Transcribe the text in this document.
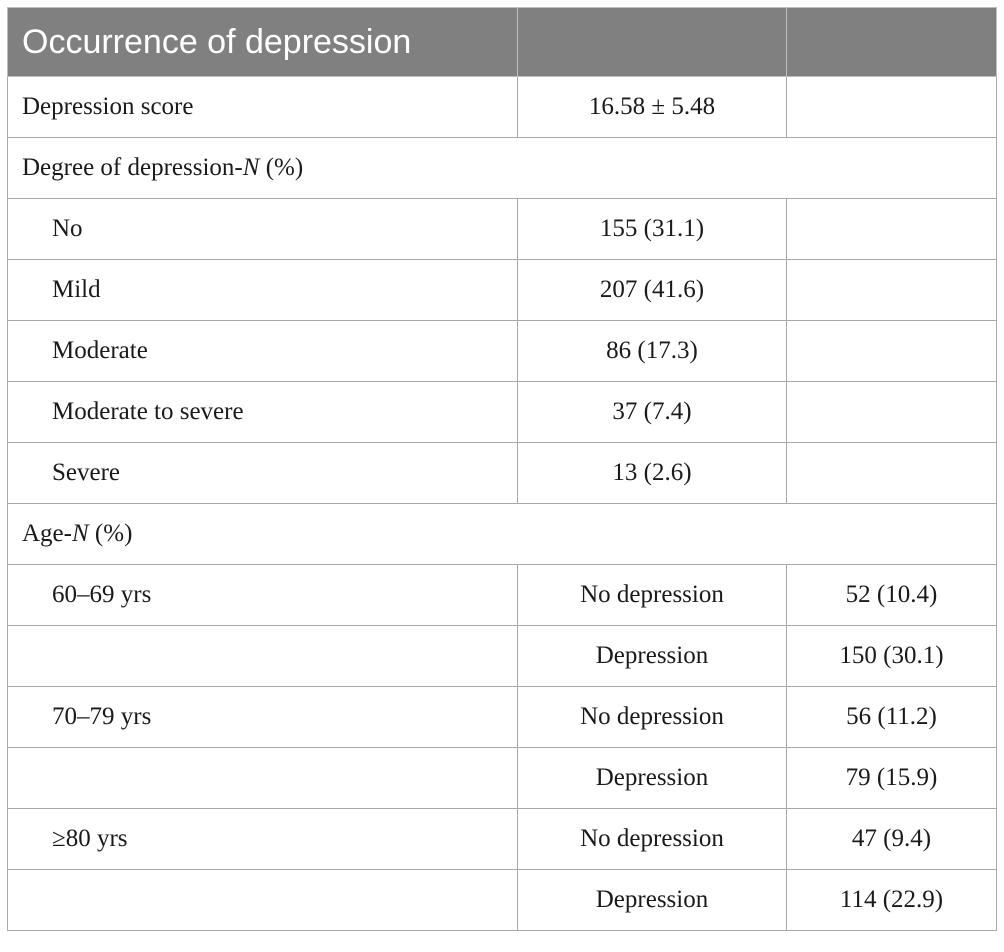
Occurrence of depression		
Depression score	16.58 ± 5.48	
Degree of depression-N (%)		
No	155 (31.1)	
Mild	207 (41.6)	
Moderate	86 (17.3)	
Moderate to severe	37 (7.4)	
Severe	13 (2.6)	
Age-N (%)		
60–69 yrs	No depression	52 (10.4)
	Depression	150 (30.1)
70–79 yrs	No depression	56 (11.2)
	Depression	79 (15.9)
≥80 yrs	No depression	47 (9.4)
	Depression	114 (22.9)
